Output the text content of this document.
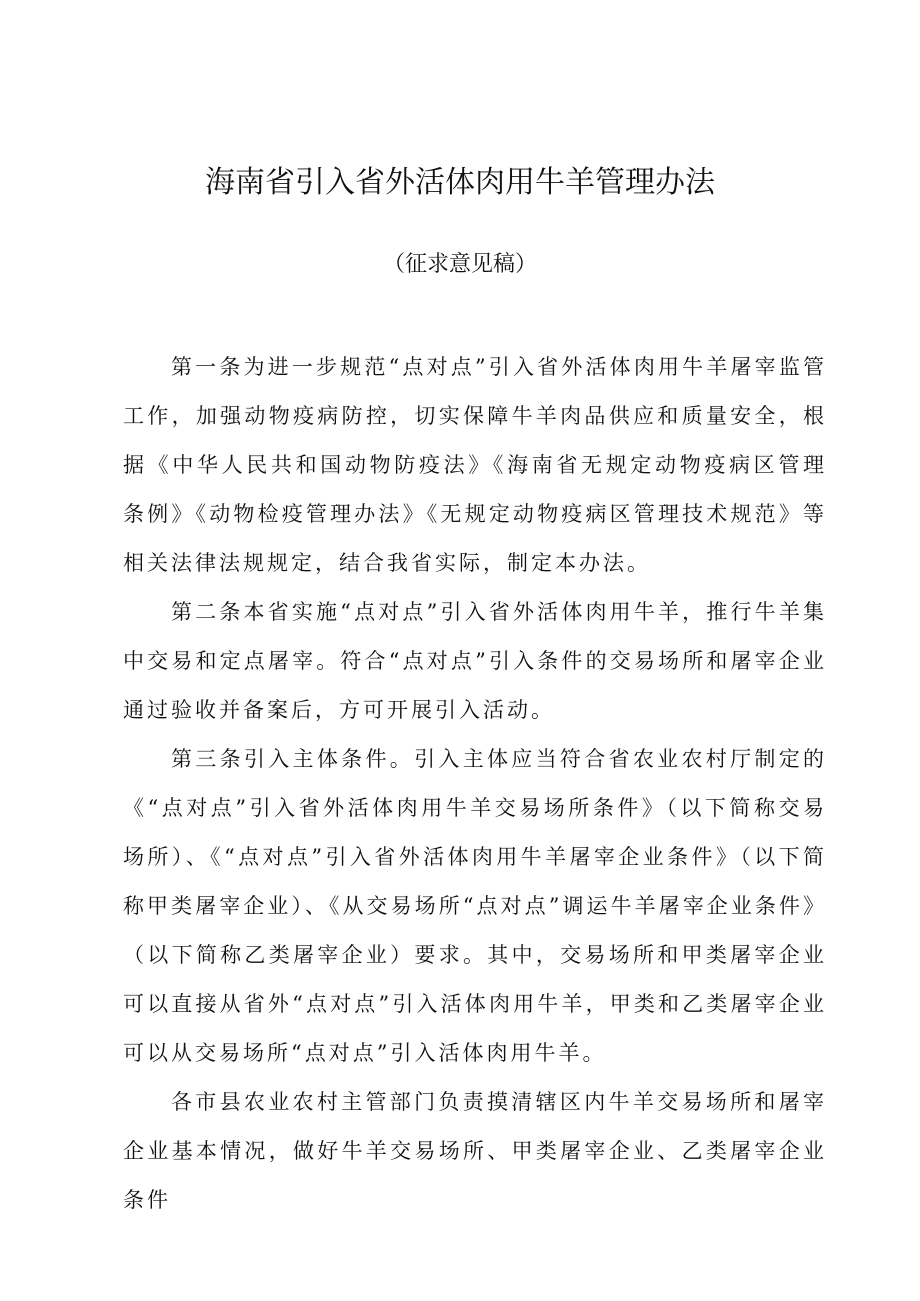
海南省引入省外活体肉用牛羊管理办法
（征求意见稿）

第一条为进一步规范“点对点”引入省外活体肉用牛羊屠宰监管工作，加强动物疫病防控，切实保障牛羊肉品供应和质量安全，根据《中华人民共和国动物防疫法》《海南省无规定动物疫病区管理条例》《动物检疫管理办法》《无规定动物疫病区管理技术规范》等相关法律法规规定，结合我省实际，制定本办法。

第二条本省实施“点对点”引入省外活体肉用牛羊，推行牛羊集中交易和定点屠宰。符合“点对点”引入条件的交易场所和屠宰企业通过验收并备案后，方可开展引入活动。

第三条引入主体条件。引入主体应当符合省农业农村厅制定的《“点对点”引入省外活体肉用牛羊交易场所条件》（以下简称交易场所）、《“点对点”引入省外活体肉用牛羊屠宰企业条件》（以下简称甲类屠宰企业）、《从交易场所“点对点”调运牛羊屠宰企业条件》（以下简称乙类屠宰企业）要求。其中，交易场所和甲类屠宰企业可以直接从省外“点对点”引入活体肉用牛羊，甲类和乙类屠宰企业可以从交易场所“点对点”引入活体肉用牛羊。

各市县农业农村主管部门负责摸清辖区内牛羊交易场所和屠宰企业基本情况，做好牛羊交易场所、甲类屠宰企业、乙类屠宰企业条件
